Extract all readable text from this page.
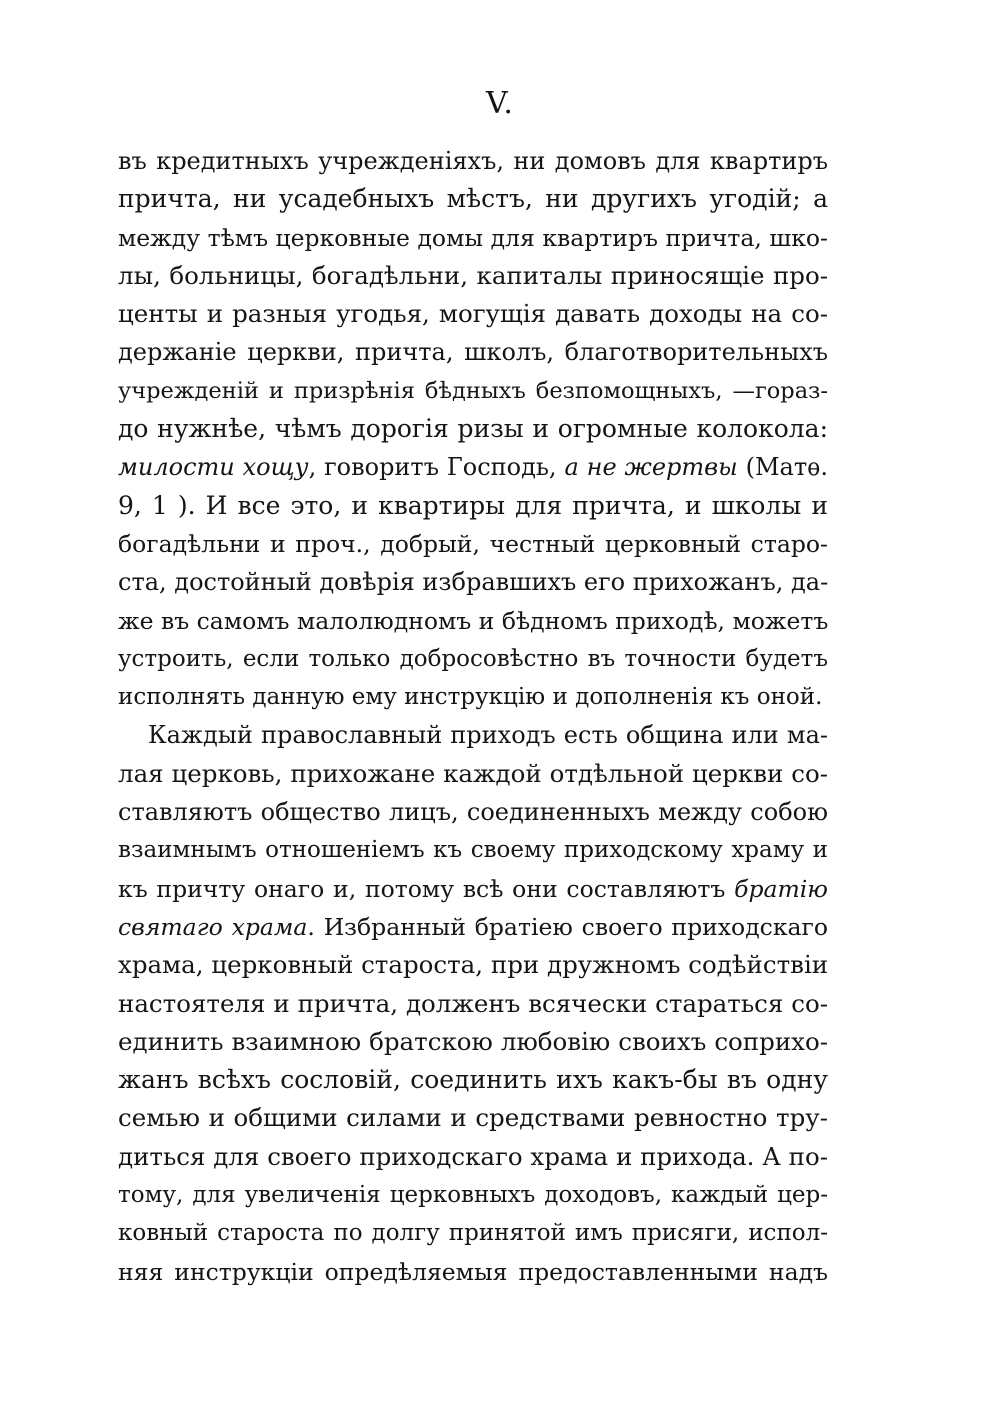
V.
въ кредитныхъ учрежденіяхъ, ни домовъ для квартиръ
причта, ни усадебныхъ мѣстъ, ни другихъ угодій; а
между тѣмъ церковные домы для квартиръ причта, шко-
лы, больницы, богадѣльни, капиталы приносящіе про-
центы и разныя угодья, могущія давать доходы на со-
держаніе церкви, причта, школъ, благотворительныхъ
учрежденій и призрѣнія бѣдныхъ безпомощныхъ, —горaз-
до нужнѣе, чѣмъ дорогія ризы и огромные колокола:
милости хощу, говоритъ Господь, а не жертвы (Матѳ.
9, 1 ). И все это, и квартиры для причта, и школы и
богадѣльни и проч., добрый, честный церковный старо-
ста, достойный довѣрія избравшихъ его прихожанъ, да-
же въ самомъ малолюдномъ и бѣдномъ приходѣ, можетъ
устроить, если только добросовѣстно въ точности будетъ
исполнять данную ему инструкцію и дополненія къ оной.
Каждый православный приходъ есть община или ма-
лая церковь, прихожане каждой отдѣльной церкви со-
ставляютъ общество лицъ, соединенныхъ между собою
взаимнымъ отношеніемъ къ своему приходскому храму и
къ причту онаго и, потому всѣ они составляютъ братію
святаго храма. Избранный братіею своего приходскаго
храма, церковный староста, при дружномъ содѣйствіи
настоятеля и причта, долженъ всячески стараться со-
единить взаимною братскою любовію своихъ соприхо-
жанъ всѣхъ сословій, соединить ихъ какъ-бы въ одну
семью и общими силами и средствами ревностно тру-
диться для своего приходскаго храма и прихода. А по-
тому, для увеличенія церковныхъ доходовъ, каждый цер-
ковный староста по долгу принятой имъ присяги, испол-
няя инструкціи опредѣляемыя предоставленными надъ
